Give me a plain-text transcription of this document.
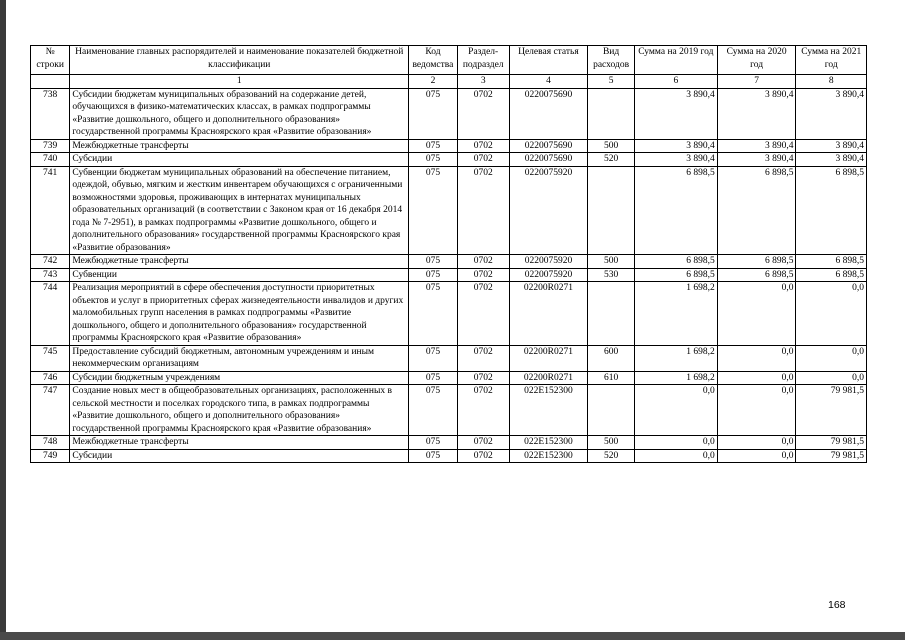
№ строки	Наименование главных распорядителей и наименование показателей бюджетной классификации	Код ведомства	Раздел-подраздел	Целевая статья	Вид расходов	Сумма на 2019 год	Сумма на 2020 год	Сумма на 2021 год
	1	2	3	4	5	6	7	8
738	Субсидии бюджетам муниципальных образований на содержание детей, обучающихся в физико-математических классах, в рамках подпрограммы «Развитие дошкольного, общего и дополнительного образования» государственной программы Красноярского края «Развитие образования»	075	0702	0220075690		3 890,4	3 890,4	3 890,4
739	Межбюджетные трансферты	075	0702	0220075690	500	3 890,4	3 890,4	3 890,4
740	Субсидии	075	0702	0220075690	520	3 890,4	3 890,4	3 890,4
741	Субвенции бюджетам муниципальных образований на обеспечение питанием, одеждой, обувью, мягким и жестким инвентарем обучающихся с ограниченными возможностями здоровья, проживающих в интернатах муниципальных образовательных организаций (в соответствии с Законом края от 16 декабря 2014 года № 7-2951), в рамках подпрограммы «Развитие дошкольного, общего и дополнительного образования» государственной программы Красноярского края «Развитие образования»	075	0702	0220075920		6 898,5	6 898,5	6 898,5
742	Межбюджетные трансферты	075	0702	0220075920	500	6 898,5	6 898,5	6 898,5
743	Субвенции	075	0702	0220075920	530	6 898,5	6 898,5	6 898,5
744	Реализация мероприятий в сфере обеспечения доступности приоритетных объектов и услуг в приоритетных сферах жизнедеятельности инвалидов и других маломобильных групп населения в рамках подпрограммы «Развитие дошкольного, общего и дополнительного образования» государственной программы Красноярского края «Развитие образования»	075	0702	02200R0271		1 698,2	0,0	0,0
745	Предоставление субсидий бюджетным, автономным учреждениям и иным некоммерческим организациям	075	0702	02200R0271	600	1 698,2	0,0	0,0
746	Субсидии бюджетным учреждениям	075	0702	02200R0271	610	1 698,2	0,0	0,0
747	Создание новых мест в общеобразовательных организациях, расположенных в сельской местности и поселках городского типа, в рамках подпрограммы «Развитие дошкольного, общего и дополнительного образования» государственной программы Красноярского края «Развитие образования»	075	0702	022E152300		0,0	0,0	79 981,5
748	Межбюджетные трансферты	075	0702	022E152300	500	0,0	0,0	79 981,5
749	Субсидии	075	0702	022E152300	520	0,0	0,0	79 981,5
168
